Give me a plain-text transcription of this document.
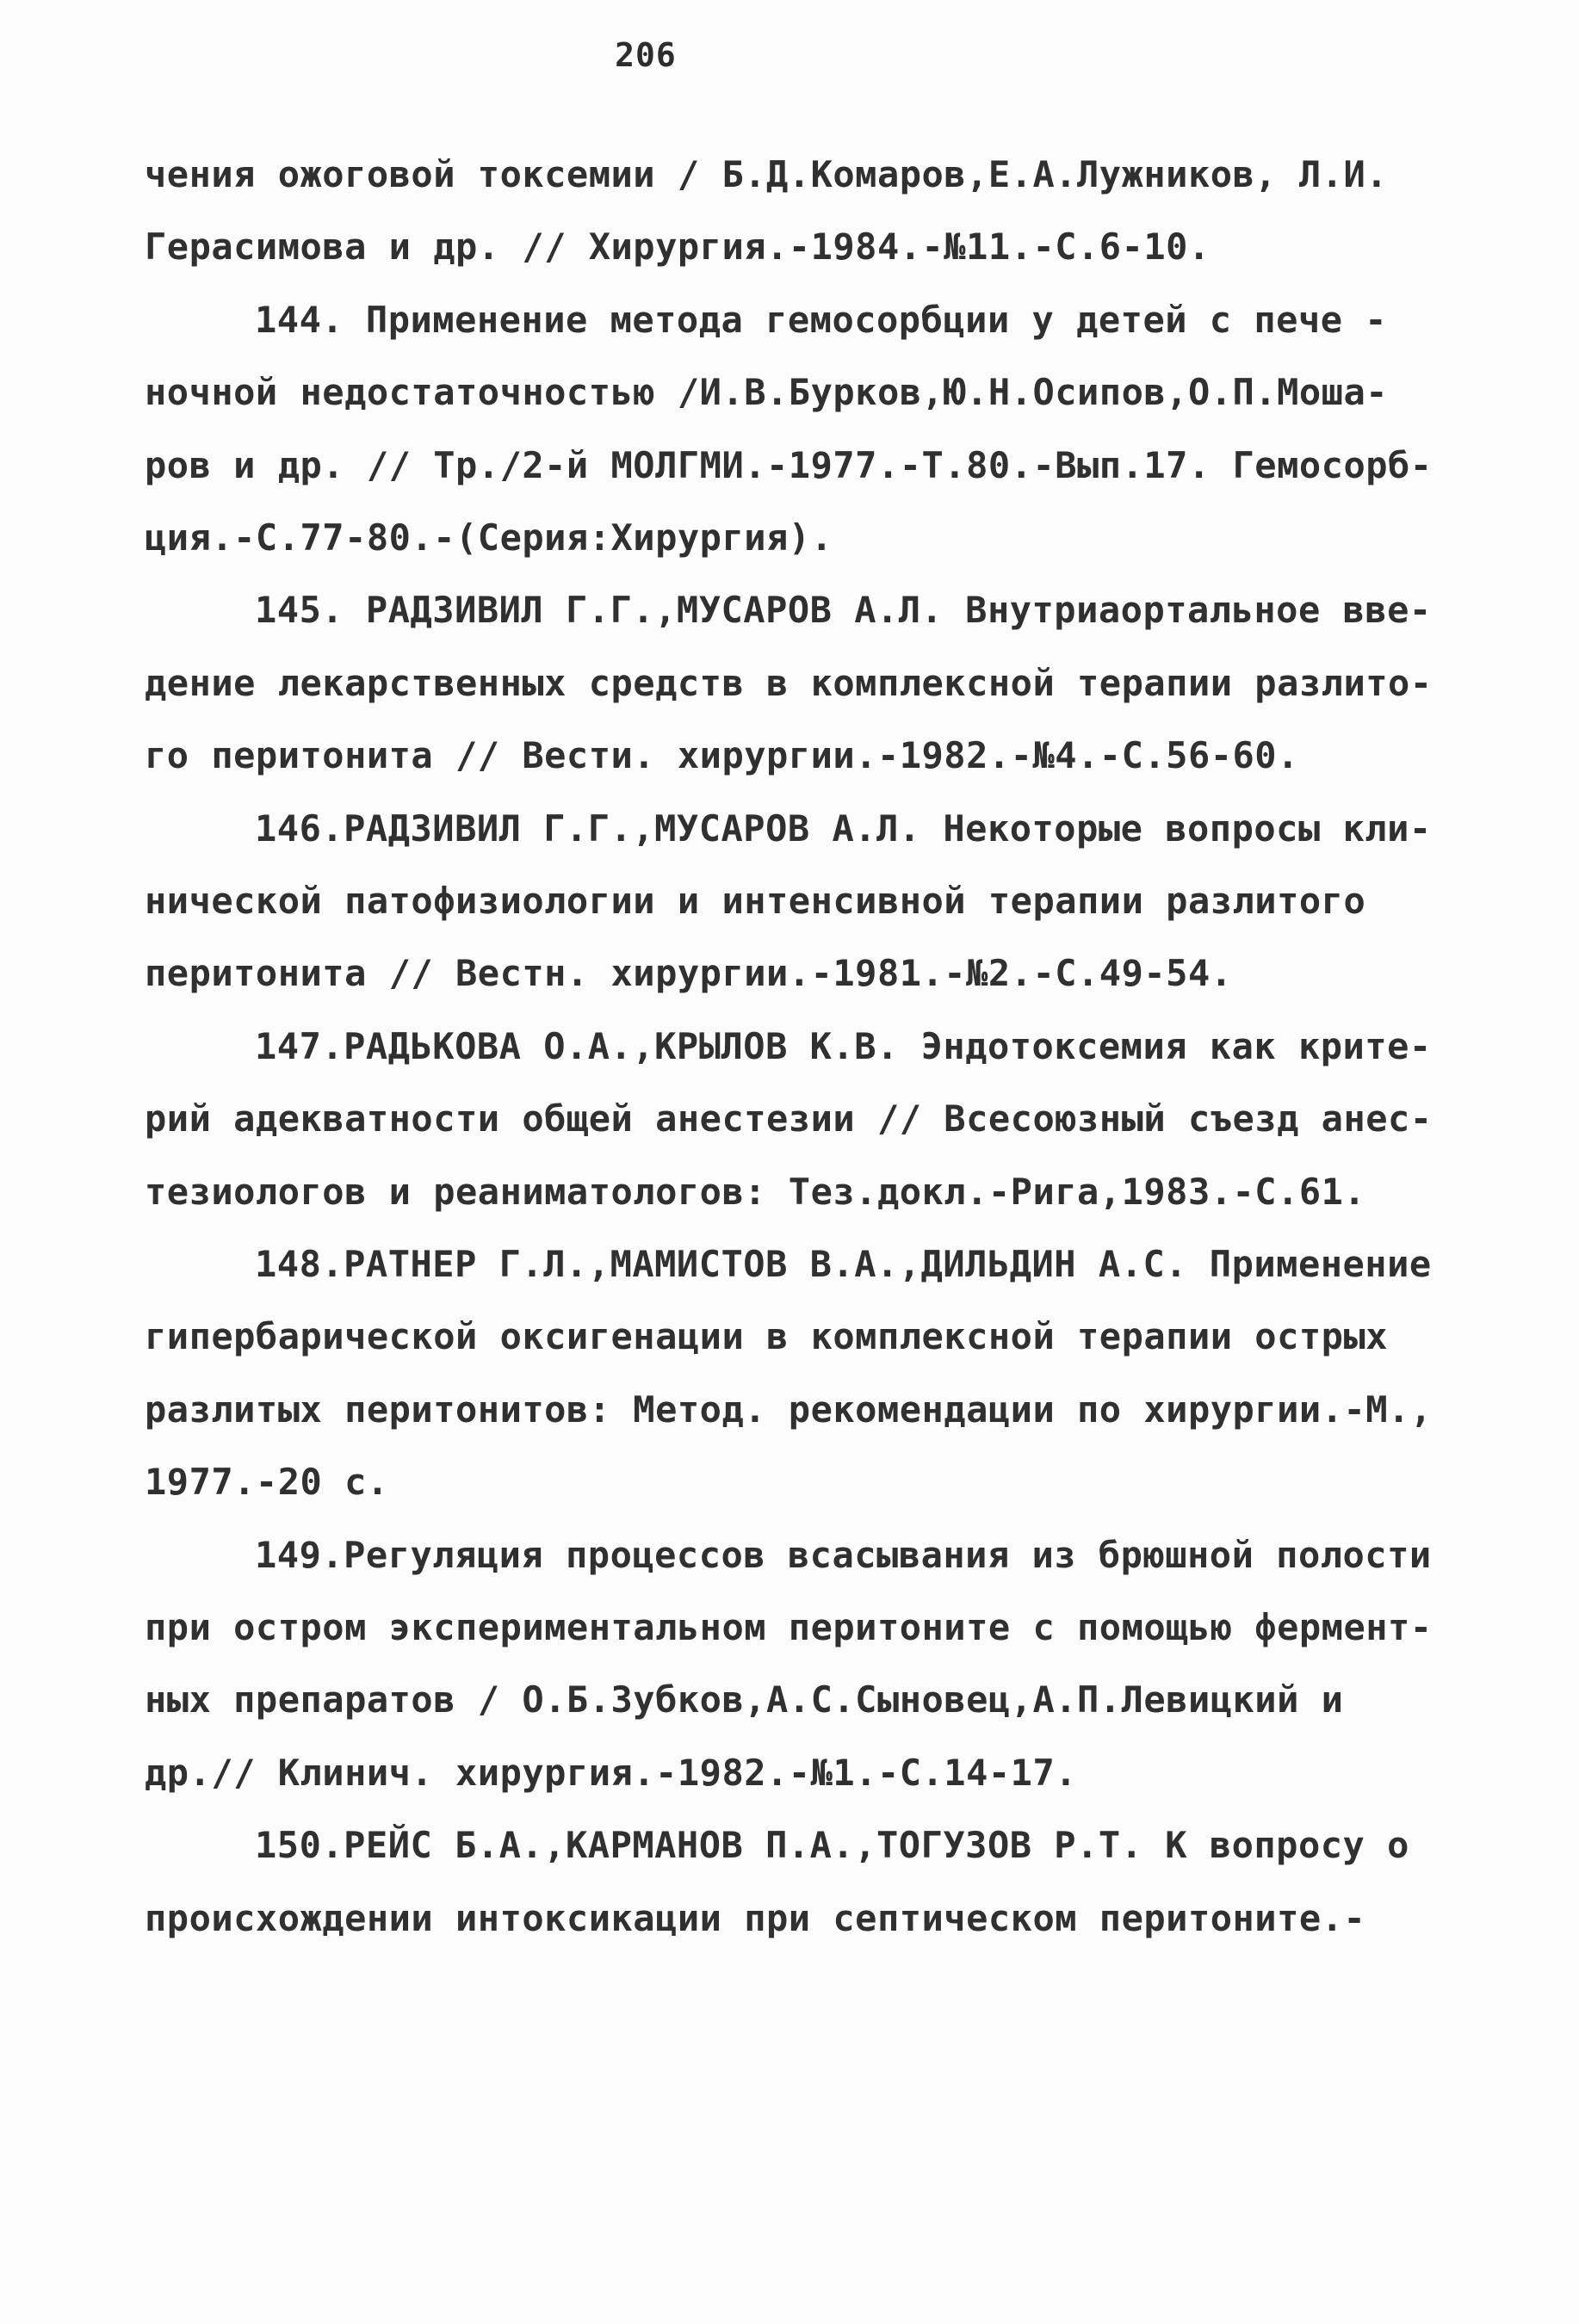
206
чения ожоговой токсемии / Б.Д.Комаров,Е.А.Лужников, Л.И.
Герасимова и др. // Хирургия.-1984.-№11.-С.6-10.
144. Применение метода гемосорбции у детей с пече -
ночной недостаточностью /И.В.Бурков,Ю.Н.Осипов,О.П.Мошa-
ров и др. // Тр./2-й МОЛГМИ.-1977.-Т.80.-Вып.17. Гемосорб-
ция.-С.77-80.-(Серия:Хирургия).
145. РАДЗИВИЛ Г.Г.,МУСАРОВ А.Л. Внутриаортальное вве-
дение лекарственных средств в комплексной терапии разлито-
го перитонита // Вести. хирургии.-1982.-№4.-С.56-60.
146.РАДЗИВИЛ Г.Г.,МУСАРОВ А.Л. Некоторые вопросы кли-
нической патофизиологии и интенсивной терапии разлитого
перитонита // Вестн. хирургии.-1981.-№2.-С.49-54.
147.РАДЬКОВА О.А.,КРЫЛОВ К.В. Эндотоксемия как крите-
рий адекватности общей анестезии // Всесоюзный съезд анес-
тезиологов и реаниматологов: Тез.докл.-Рига,1983.-С.61.
148.РАТНЕР Г.Л.,МАМИСТОВ В.А.,ДИЛЬДИН А.С. Применение
гипербарической оксигенации в комплексной терапии острых
разлитых перитонитов: Метод. рекомендации по хирургии.-М.,
1977.-20 с.
149.Регуляция процессов всасывания из брюшной полости
при остром экспериментальном перитоните с помощью фермент-
ных препаратов / О.Б.Зубков,А.С.Сыновец,А.П.Левицкий и
др.// Клинич. хирургия.-1982.-№1.-С.14-17.
150.РЕЙС Б.А.,КАРМАНОВ П.А.,ТОГУЗОВ Р.Т. К вопросу о
происхождении интоксикации при септическом перитоните.-
